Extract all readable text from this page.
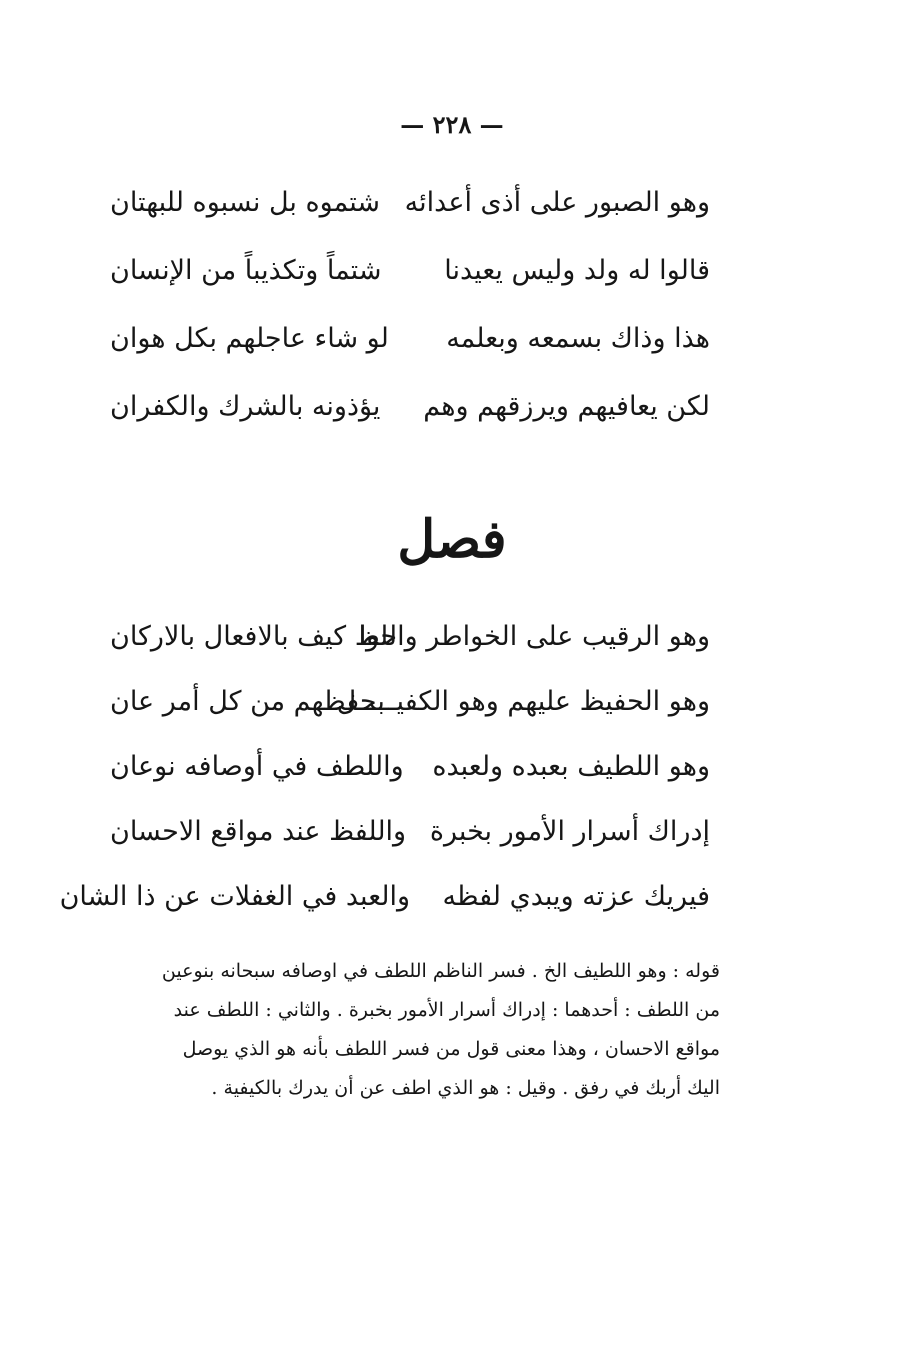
— ٢٢٨ —
وهو الصبور على أذى أعدائه
شتموه بل نسبوه للبهتان
قالوا له ولد وليس يعيدنا
شتماً وتكذيباً من الإنسان
هذا وذاك بسمعه وبعلمه
لو شاء عاجلهم بكل هوان
لكن يعافيهم ويرزقهم وهم
يؤذونه بالشرك والكفران
فصل
وهو الرقيب على الخواطر واللوا
حظ كيف بالافعال بالاركان
وهو الحفيظ عليهم وهو الكفيـــــل
بحفظهم من كل أمر عان
وهو اللطيف بعبده ولعبده
واللطف في أوصافه نوعان
إدراك أسرار الأمور بخبرة
واللفظ عند مواقع الاحسان
فيريك عزته ويبدي لفظه
والعبد في الغفلات عن ذا الشان
قوله : وهو اللطيف الخ . فسر الناظم اللطف في اوصافه سبحانه بنوعين
من اللطف : أحدهما : إدراك أسرار الأمور بخبرة . والثاني : اللطف عند
مواقع الاحسان ، وهذا معنى قول من فسر اللطف بأنه هو الذي يوصل
اليك أربك في رفق . وقيل : هو الذي اطف عن أن يدرك بالكيفية .
